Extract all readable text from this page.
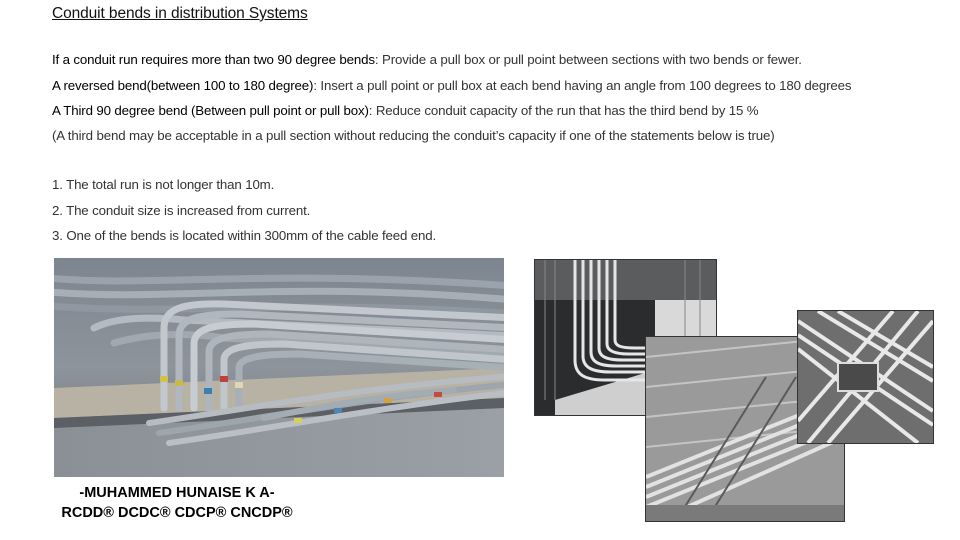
Conduit bends in distribution Systems
If a conduit run requires more than two 90 degree bends: Provide a pull box or pull point between sections with two bends or fewer.
A reversed bend(between 100 to 180 degree): Insert a pull point or pull box at each bend having an angle from 100 degrees to 180 degrees
A Third 90 degree bend (Between pull point or pull box): Reduce conduit capacity of the run that has the third bend by 15 %
(A third bend may be acceptable in a pull section without reducing the conduit’s capacity if one of the statements below is true)
1. The total run is not longer than 10m.
2. The conduit size is increased from current.
3. One of the bends is located within 300mm of the cable feed end.
-MUHAMMED HUNAISE K A-
RCDD® DCDC® CDCP® CNCDP®
